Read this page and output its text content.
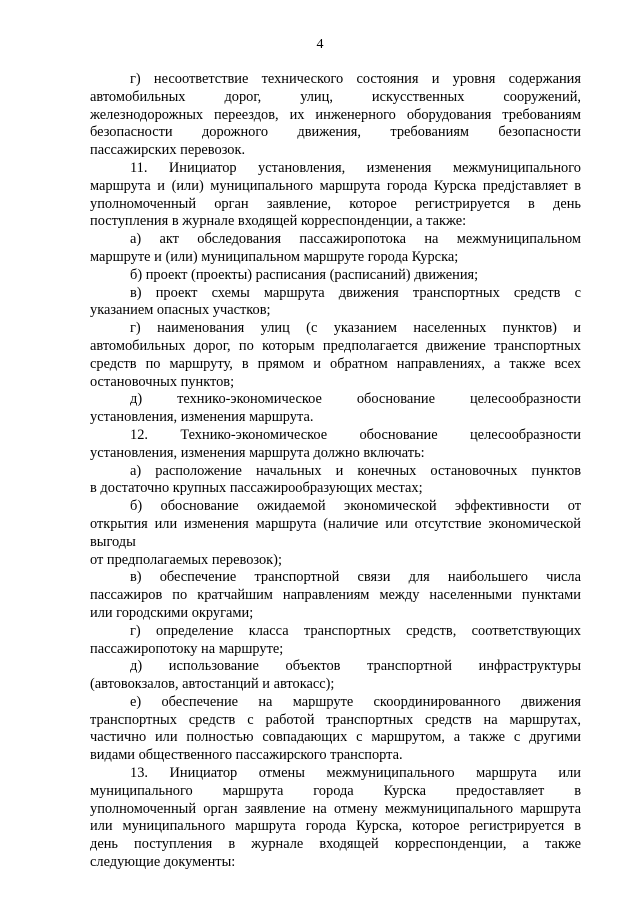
4
г) несоответствие технического состояния и уровня содержания
автомобильных дорог, улиц, искусственных сооружений,
железнодорожных переездов, их инженерного оборудования требованиям
безопасности дорожного движения, требованиям безопасности
пассажирских перевозок.
11. Инициатор установления, изменения межмуниципального
маршрута и (или) муниципального маршрута города Курска предјставляет в
уполномоченный орган заявление, которое регистрируется в день
поступления в журнале входящей корреспонденции, а также:
а) акт обследования пассажиропотока на межмуниципальном
маршруте и (или) муниципальном маршруте города Курска;
б) проект (проекты) расписания (расписаний) движения;
в) проект схемы маршрута движения транспортных средств с
указанием опасных участков;
г) наименования улиц (с указанием населенных пунктов) и
автомобильных дорог, по которым предполагается движение транспортных
средств по маршруту, в прямом и обратном направлениях, а также всех
остановочных пунктов;
д) технико-экономическое обоснование целесообразности
установления, изменения маршрута.
12. Технико-экономическое обоснование целесообразности
установления, изменения маршрута должно включать:
а) расположение начальных и конечных остановочных пунктов
в достаточно крупных пассажирообразующих местах;
б) обоснование ожидаемой экономической эффективности от
открытия или изменения маршрута (наличие или отсутствие экономической
выгоды
от предполагаемых перевозок);
в) обеспечение транспортной связи для наибольшего числа
пассажиров по кратчайшим направлениям между населенными пунктами
или городскими округами;
г) определение класса транспортных средств, соответствующих
пассажиропотоку на маршруте;
д) использование объектов транспортной инфраструктуры
(автовокзалов, автостанций и автокасс);
е) обеспечение на маршруте скоординированного движения
транспортных средств с работой транспортных средств на маршрутах,
частично или полностью совпадающих с маршрутом, а также с другими
видами общественного пассажирского транспорта.
13. Инициатор отмены межмуниципального маршрута или
муниципального маршрута города Курска предоставляет в
уполномоченный орган заявление на отмену межмуниципального маршрута
или муниципального маршрута города Курска, которое регистрируется в
день поступления в журнале входящей корреспонденции, а также
следующие документы:
